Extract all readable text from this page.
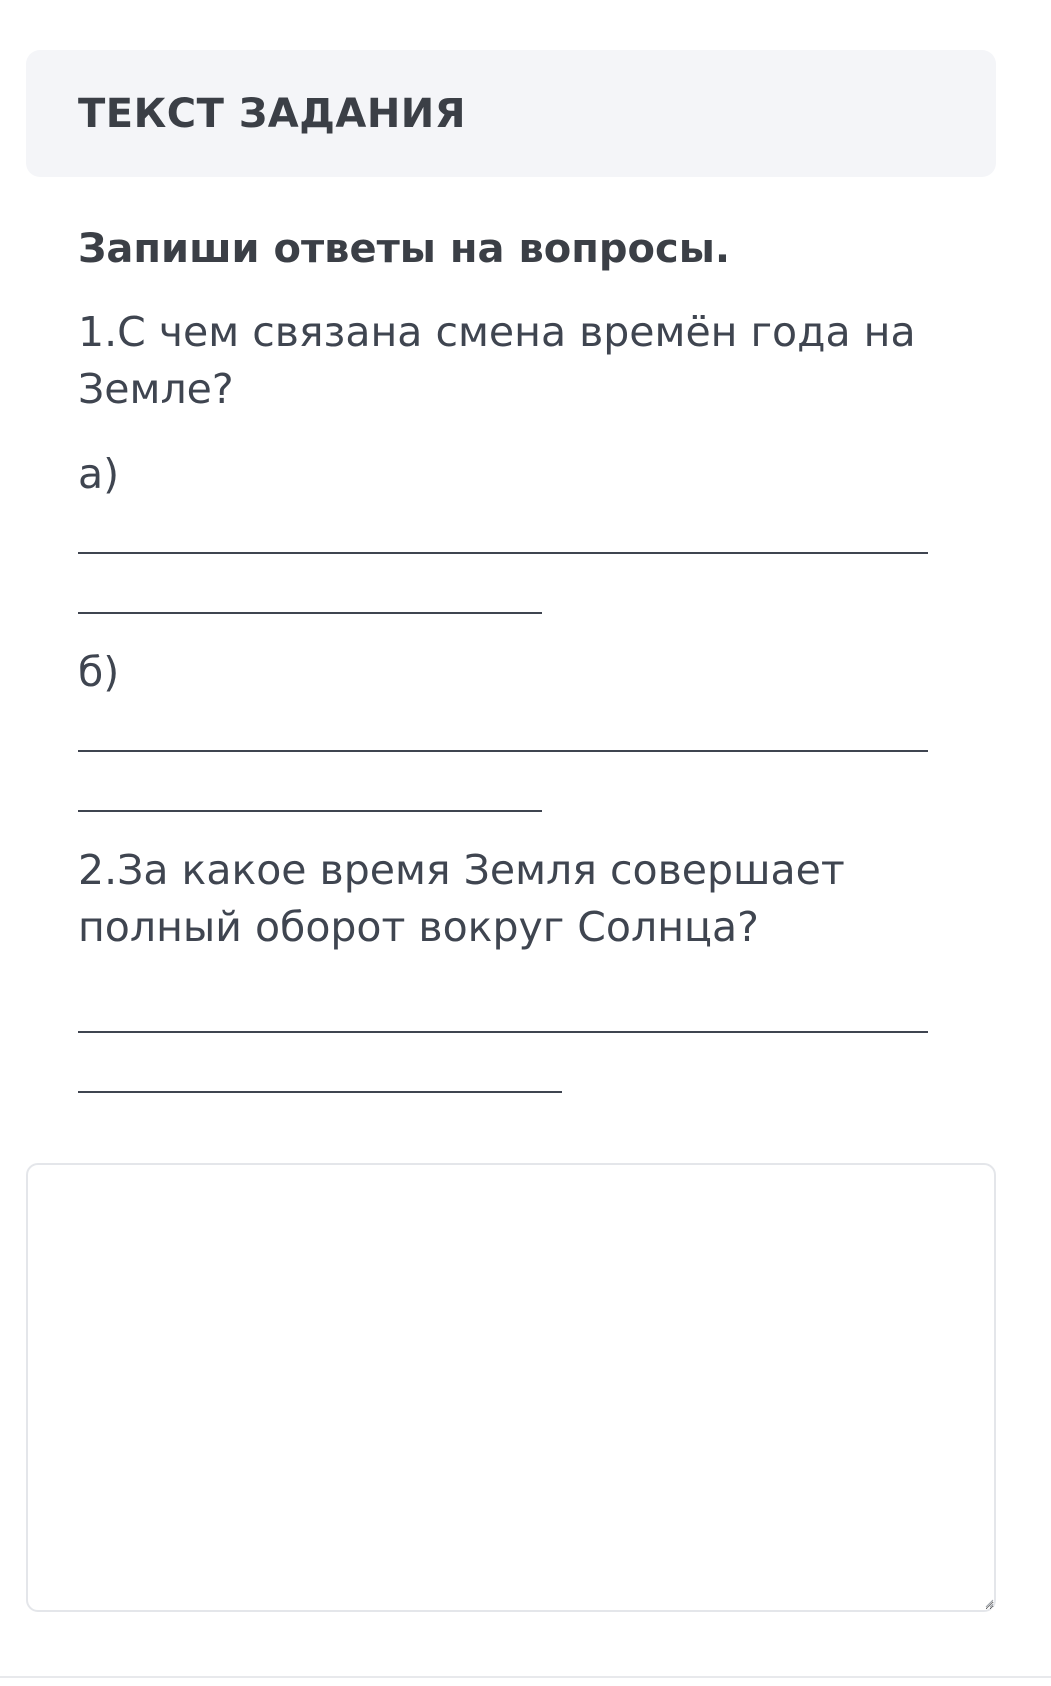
ТЕКСТ ЗАДАНИЯ

Запиши ответы на вопросы.

1.С чем связана смена времён года на Земле?

а)

б)

2.За какое время Земля совершает полный оборот вокруг Солнца?
